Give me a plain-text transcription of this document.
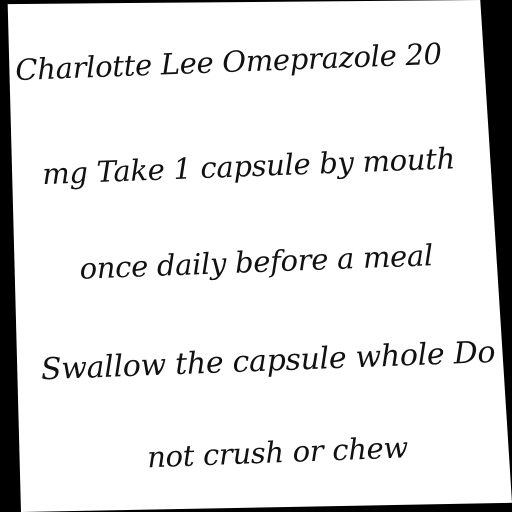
Charlotte Lee Omeprazole 20
mg Take 1 capsule by mouth
once daily before a meal
Swallow the capsule whole Do
not crush or chew
